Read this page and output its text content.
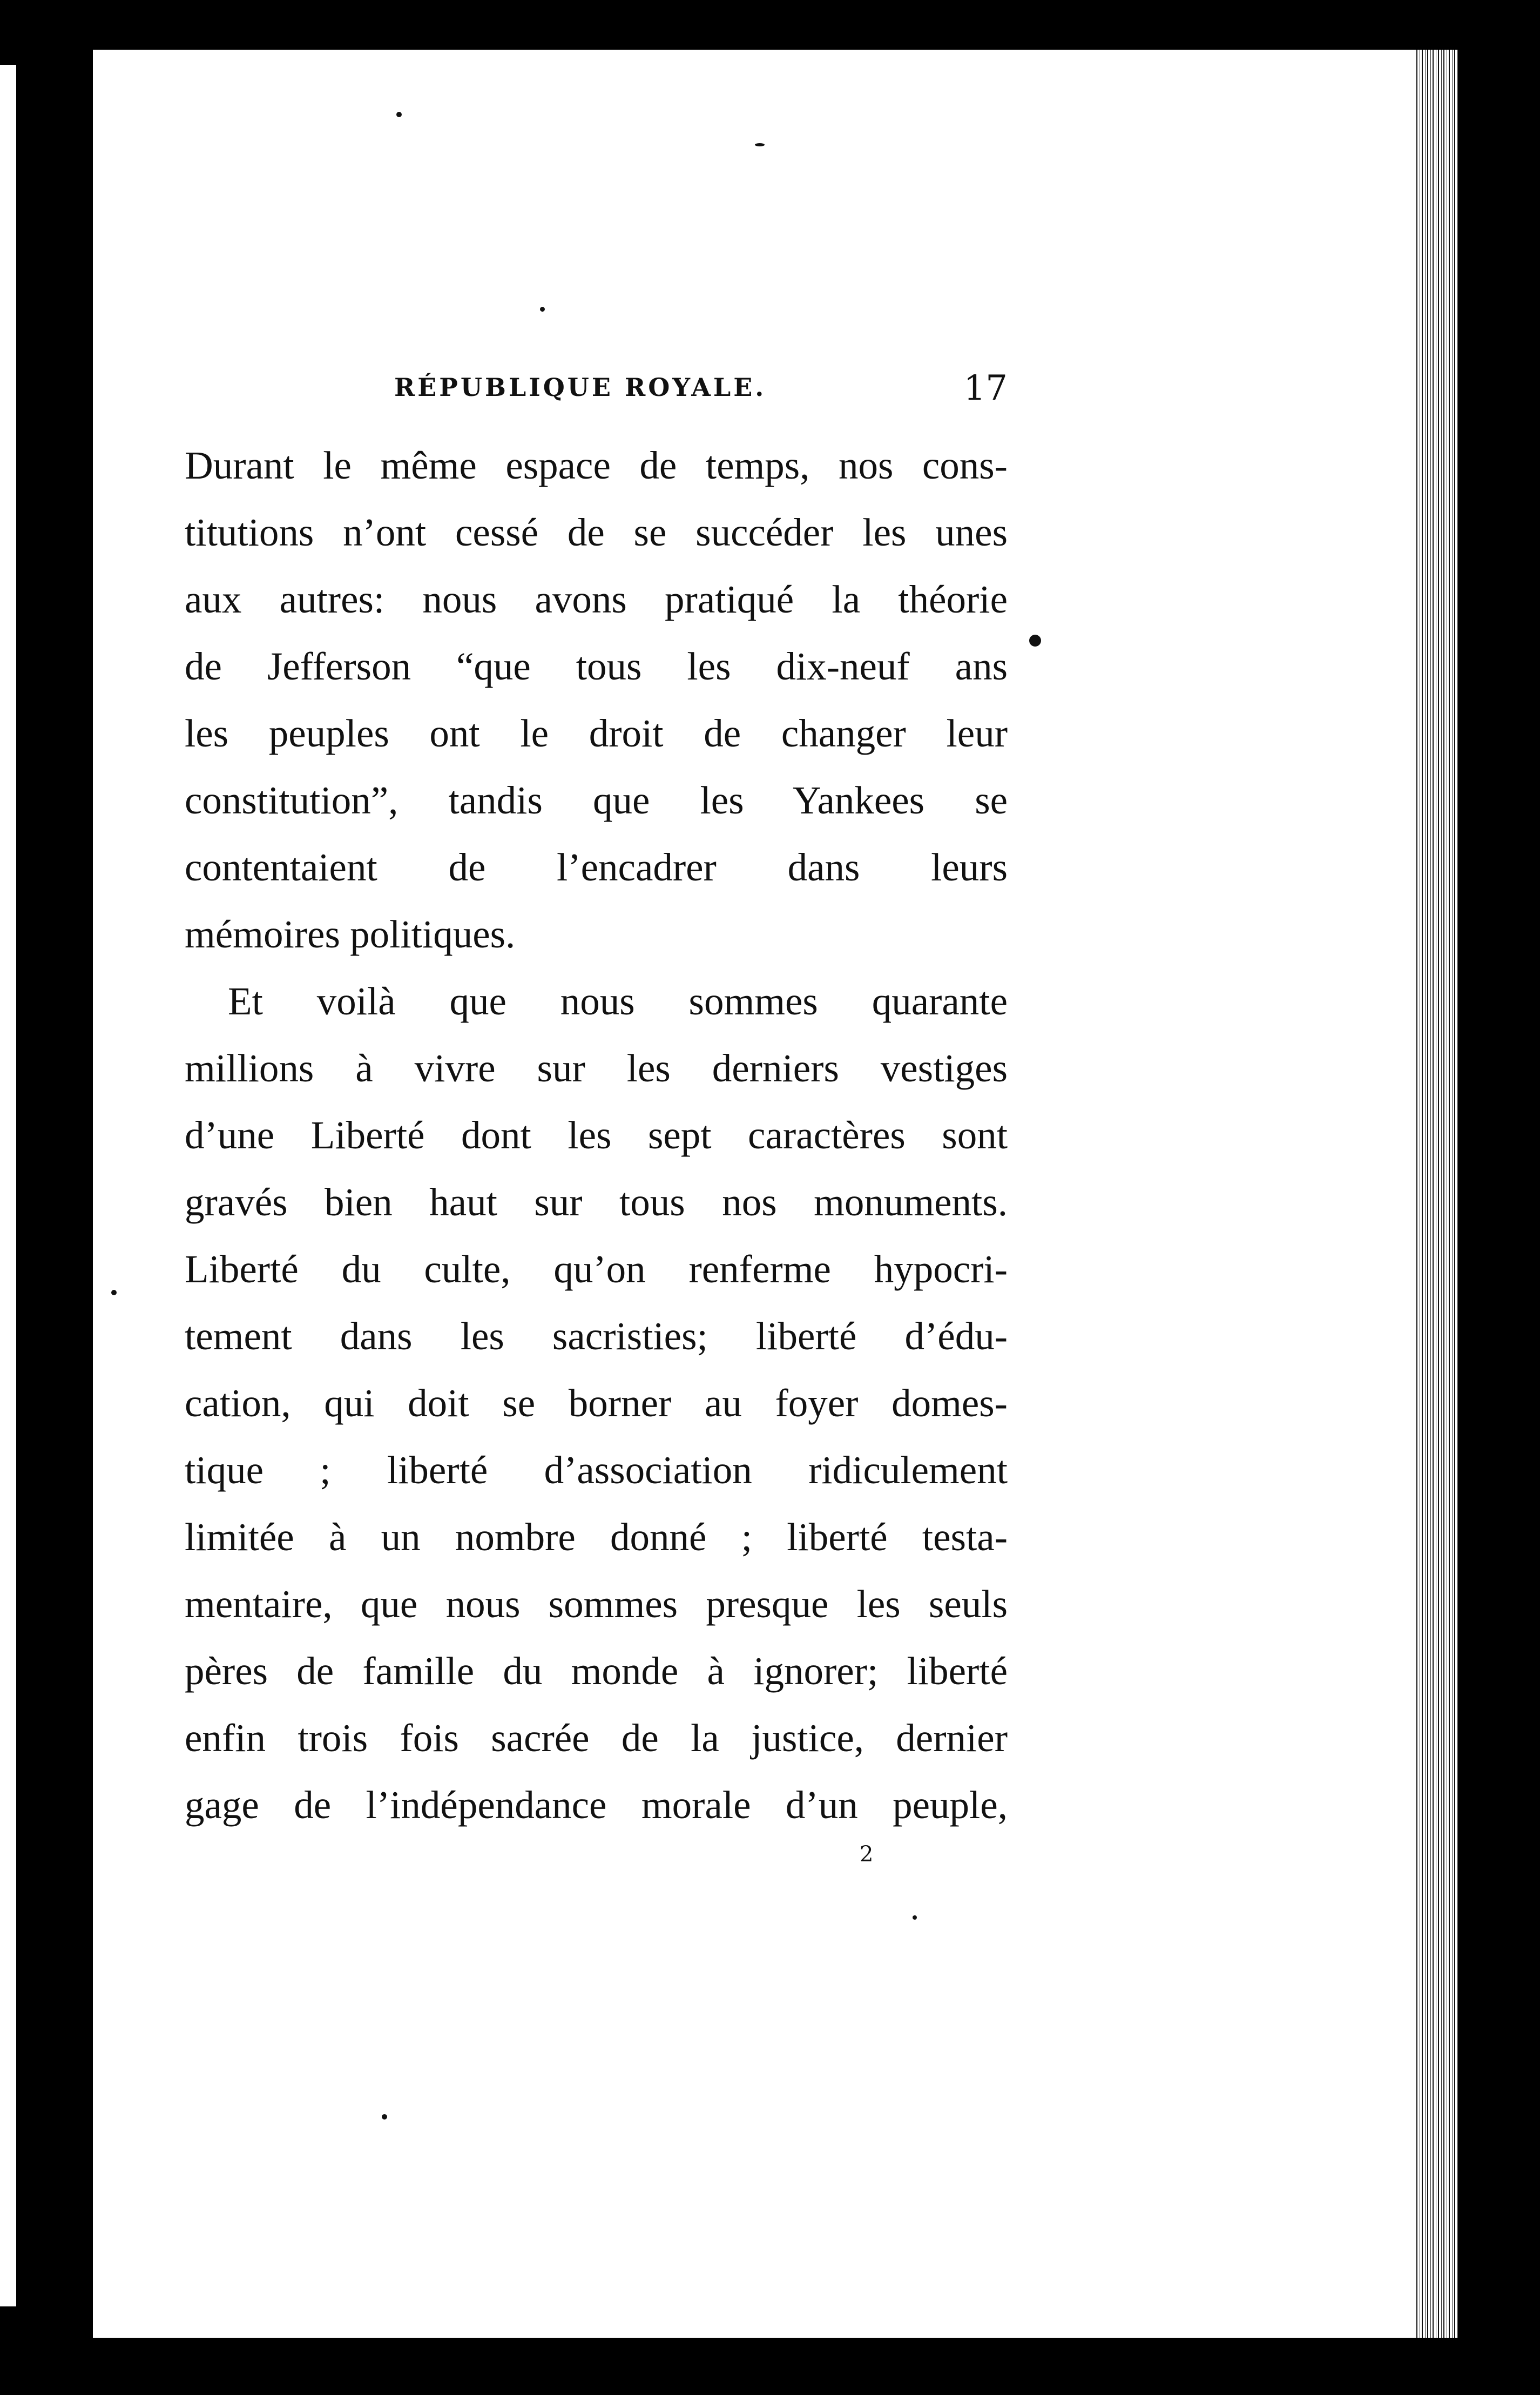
RÉPUBLIQUE ROYALE.	17
Durant le même espace de temps, nos cons-
titutions n’ont cessé de se succéder les unes
aux autres: nous avons pratiqué la théorie
de Jefferson “que tous les dix-neuf ans
les peuples ont le droit de changer leur
constitution”, tandis que les Yankees se
contentaient de l’encadrer dans leurs
mémoires politiques.
Et voilà que nous sommes quarante
millions à vivre sur les derniers vestiges
d’une Liberté dont les sept caractères sont
gravés bien haut sur tous nos monuments.
Liberté du culte, qu’on renferme hypocri-
tement dans les sacristies; liberté d’édu-
cation, qui doit se borner au foyer domes-
tique ; liberté d’association ridiculement
limitée à un nombre donné ; liberté testa-
mentaire, que nous sommes presque les seuls
pères de famille du monde à ignorer; liberté
enfin trois fois sacrée de la justice, dernier
gage de l’indépendance morale d’un peuple,
2
